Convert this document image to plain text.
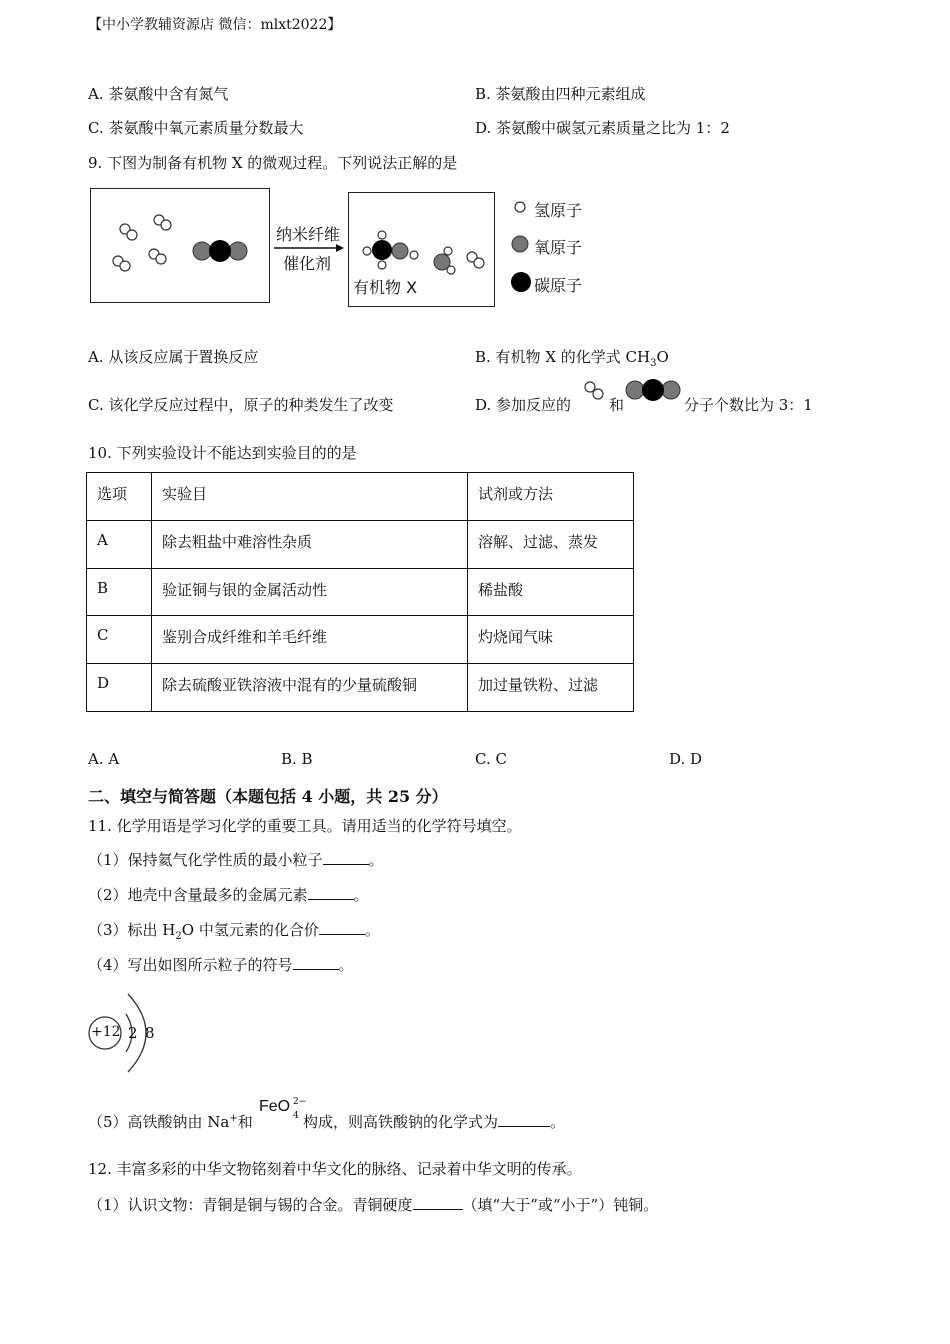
【中小学教辅资源店 微信：mlxt2022】
A. 茶氨酸中含有氮气	B. 茶氨酸由四种元素组成
C. 茶氨酸中氧元素质量分数最大	D. 茶氨酸中碳氢元素质量之比为 1：2
9. 下图为制备有机物 X 的微观过程。下列说法正解的是
纳米纤维
催化剂
有机物 X
氢原子
氧原子
碳原子
A. 从该反应属于置换反应	B. 有机物 X 的化学式 $CH_3O$
C. 该化学反应过程中，原子的种类发生了改变	D. 参加反应的	和	分子个数比为 3：1
10. 下列实验设计不能达到实验目的的是
选项	实验目	试剂或方法
A	除去粗盐中难溶性杂质	溶解、过滤、蒸发
B	验证铜与银的金属活动性	稀盐酸
C	鉴别合成纤维和羊毛纤维	灼烧闻气味
D	除去硫酸亚铁溶液中混有的少量硫酸铜	加过量铁粉、过滤
A. A	B. B	C. C	D. D
二、填空与简答题（本题包括 4 小题，共 25 分）
11. 化学用语是学习化学的重要工具。请用适当的化学符号填空。
（1）保持氦气化学性质的最小粒子	。
（2）地壳中含量最多的金属元素	。
（3）标出 $H_2O$ 中氢元素的化合价	。
（4）写出如图所示粒子的符号	。
+12 2 8
（5）高铁酸钠由 Na+和
FeO 2−
4 构成，则高铁酸钠的化学式为	。
12. 丰富多彩的中华文物铭刻着中华文化的脉络、记录着中华文明的传承。
（1）认识文物：青铜是铜与锡的合金。青铜硬度	（填“大于”或“小于”）钝铜。
